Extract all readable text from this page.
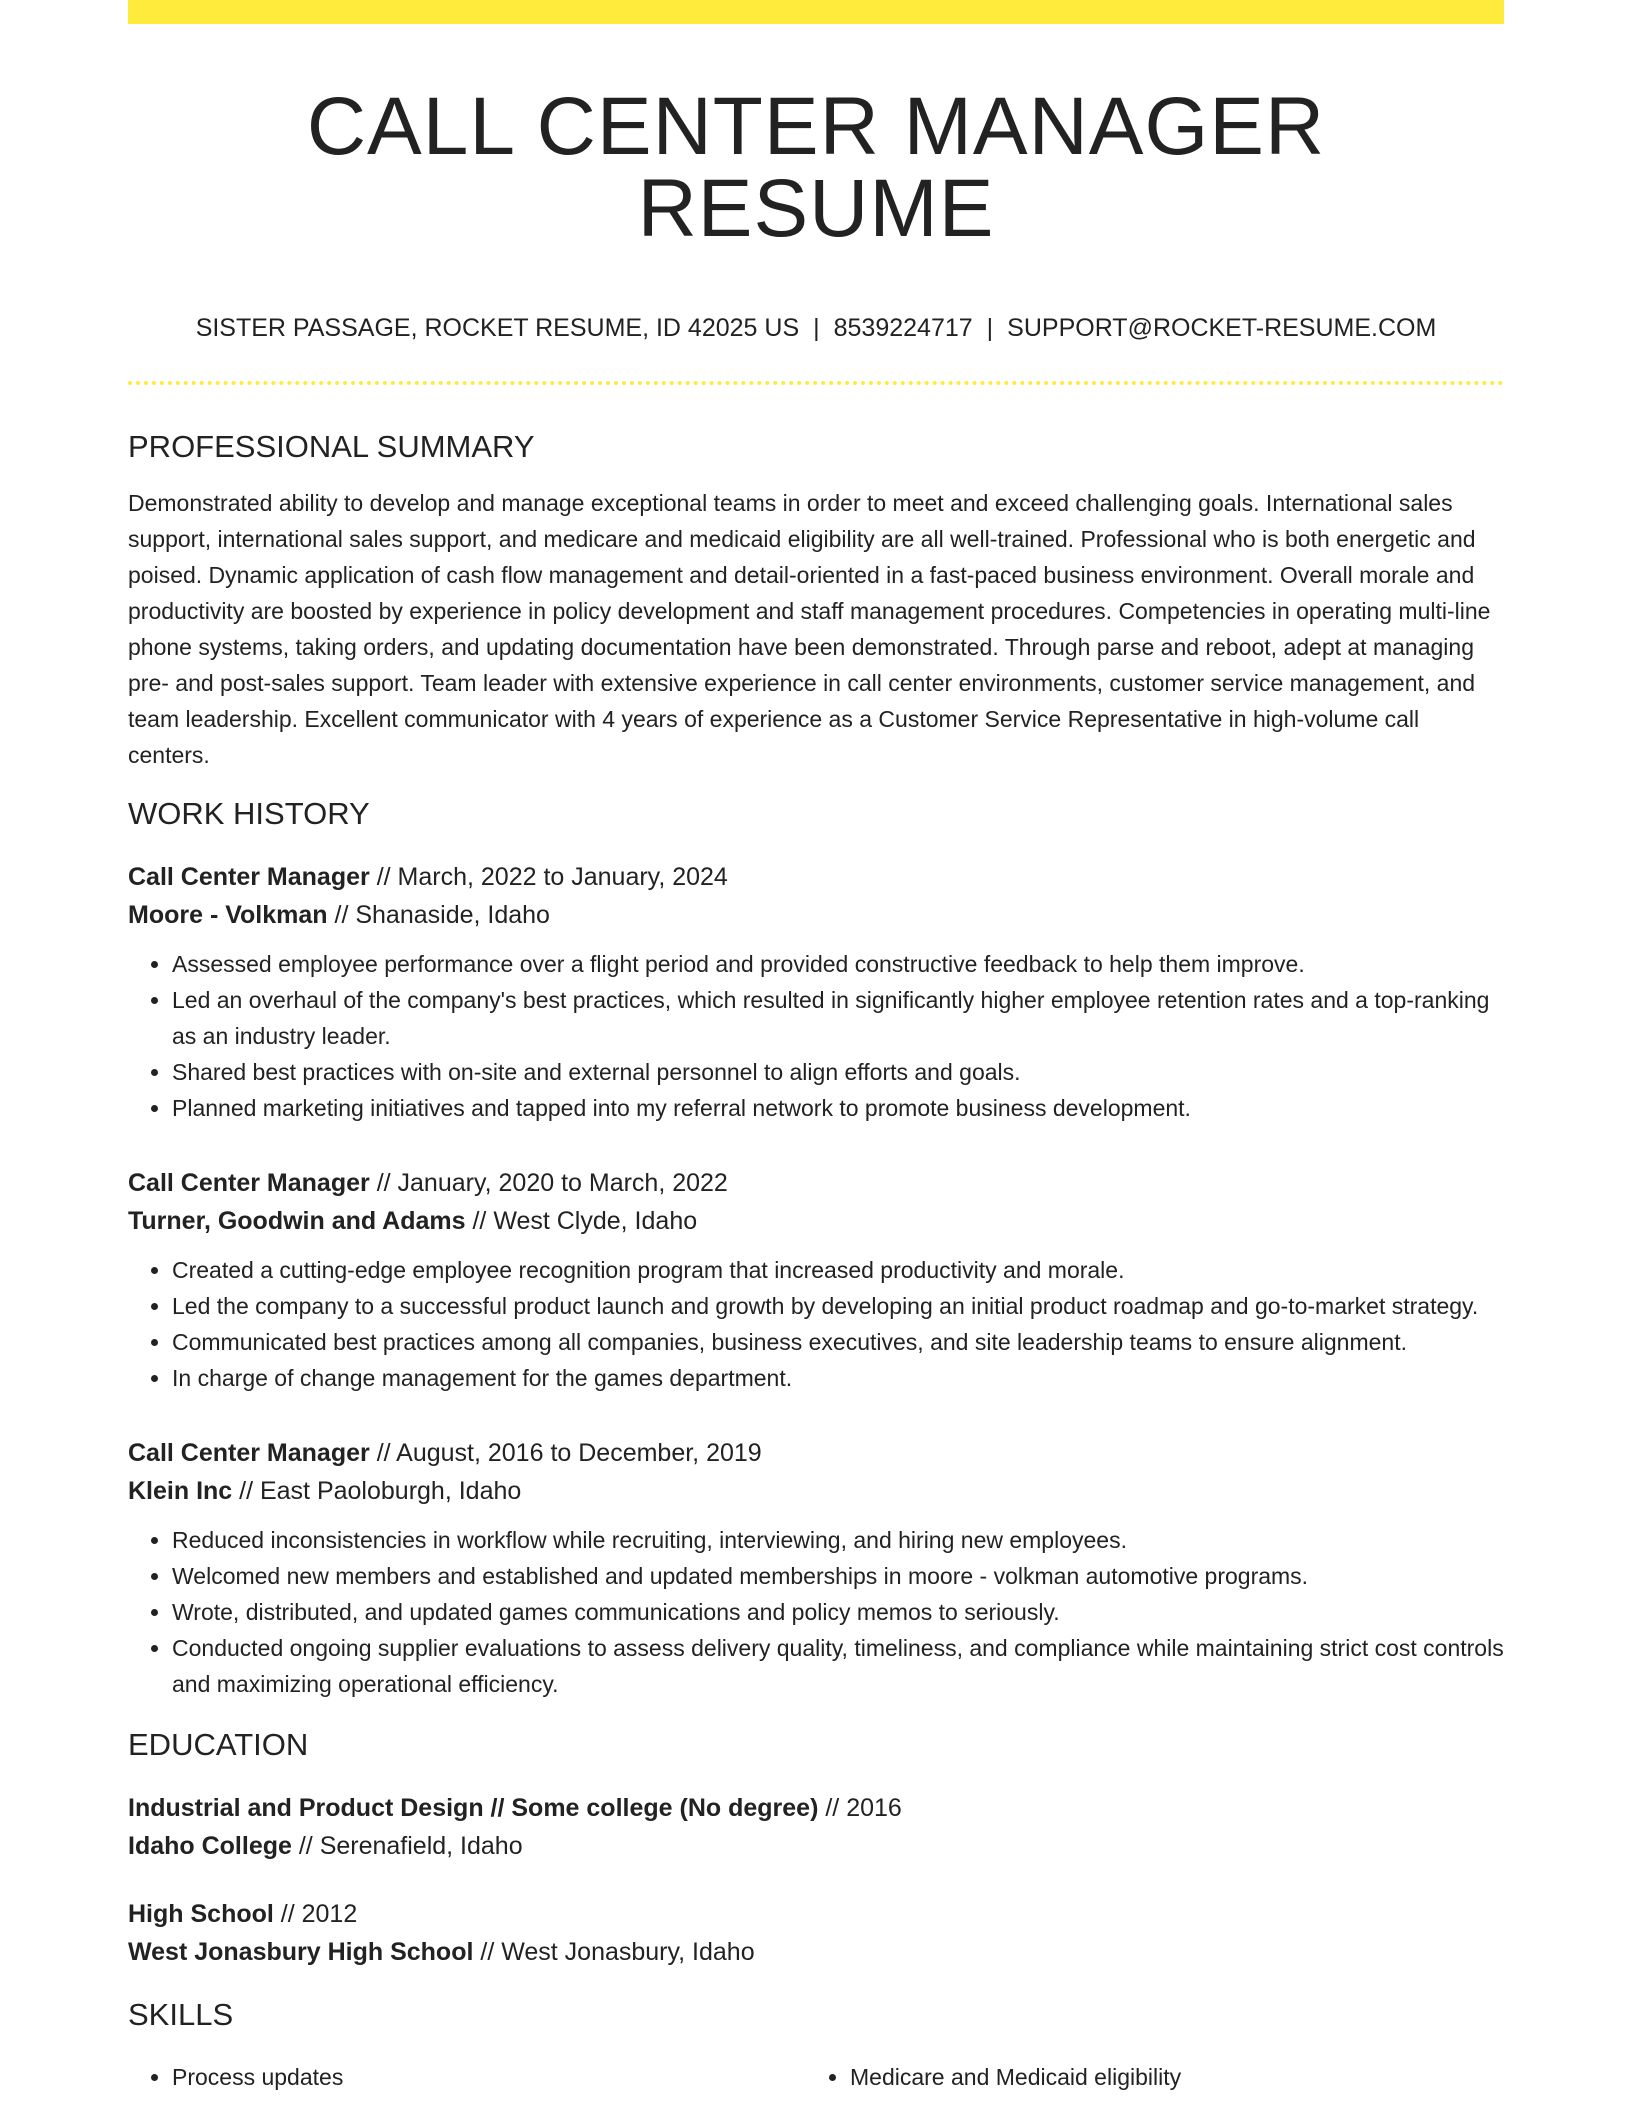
CALL CENTER MANAGER RESUME
SISTER PASSAGE, ROCKET RESUME, ID 42025 US | 8539224717 | SUPPORT@ROCKET-RESUME.COM
PROFESSIONAL SUMMARY

Demonstrated ability to develop and manage exceptional teams in order to meet and exceed challenging goals. International sales support, international sales support, and medicare and medicaid eligibility are all well-trained. Professional who is both energetic and poised. Dynamic application of cash flow management and detail-oriented in a fast-paced business environment. Overall morale and productivity are boosted by experience in policy development and staff management procedures. Competencies in operating multi-line phone systems, taking orders, and updating documentation have been demonstrated. Through parse and reboot, adept at managing pre- and post-sales support. Team leader with extensive experience in call center environments, customer service management, and team leadership. Excellent communicator with 4 years of experience as a Customer Service Representative in high-volume call centers.

WORK HISTORY
Call Center Manager // March, 2022 to January, 2024
Moore - Volkman // Shanaside, Idaho
• Assessed employee performance over a flight period and provided constructive feedback to help them improve.
• Led an overhaul of the company's best practices, which resulted in significantly higher employee retention rates and a top-ranking as an industry leader.
• Shared best practices with on-site and external personnel to align efforts and goals.
• Planned marketing initiatives and tapped into my referral network to promote business development.
Call Center Manager // January, 2020 to March, 2022
Turner, Goodwin and Adams // West Clyde, Idaho
• Created a cutting-edge employee recognition program that increased productivity and morale.
• Led the company to a successful product launch and growth by developing an initial product roadmap and go-to-market strategy.
• Communicated best practices among all companies, business executives, and site leadership teams to ensure alignment.
• In charge of change management for the games department.
Call Center Manager // August, 2016 to December, 2019
Klein Inc // East Paoloburgh, Idaho
• Reduced inconsistencies in workflow while recruiting, interviewing, and hiring new employees.
• Welcomed new members and established and updated memberships in moore - volkman automotive programs.
• Wrote, distributed, and updated games communications and policy memos to seriously.
• Conducted ongoing supplier evaluations to assess delivery quality, timeliness, and compliance while maintaining strict cost controls and maximizing operational efficiency.
EDUCATION
Industrial and Product Design // Some college (No degree) // 2016
Idaho College // Serenafield, Idaho
High School // 2012
West Jonasbury High School // West Jonasbury, Idaho
SKILLS
• Process updates
•	Medicare and Medicaid eligibility
